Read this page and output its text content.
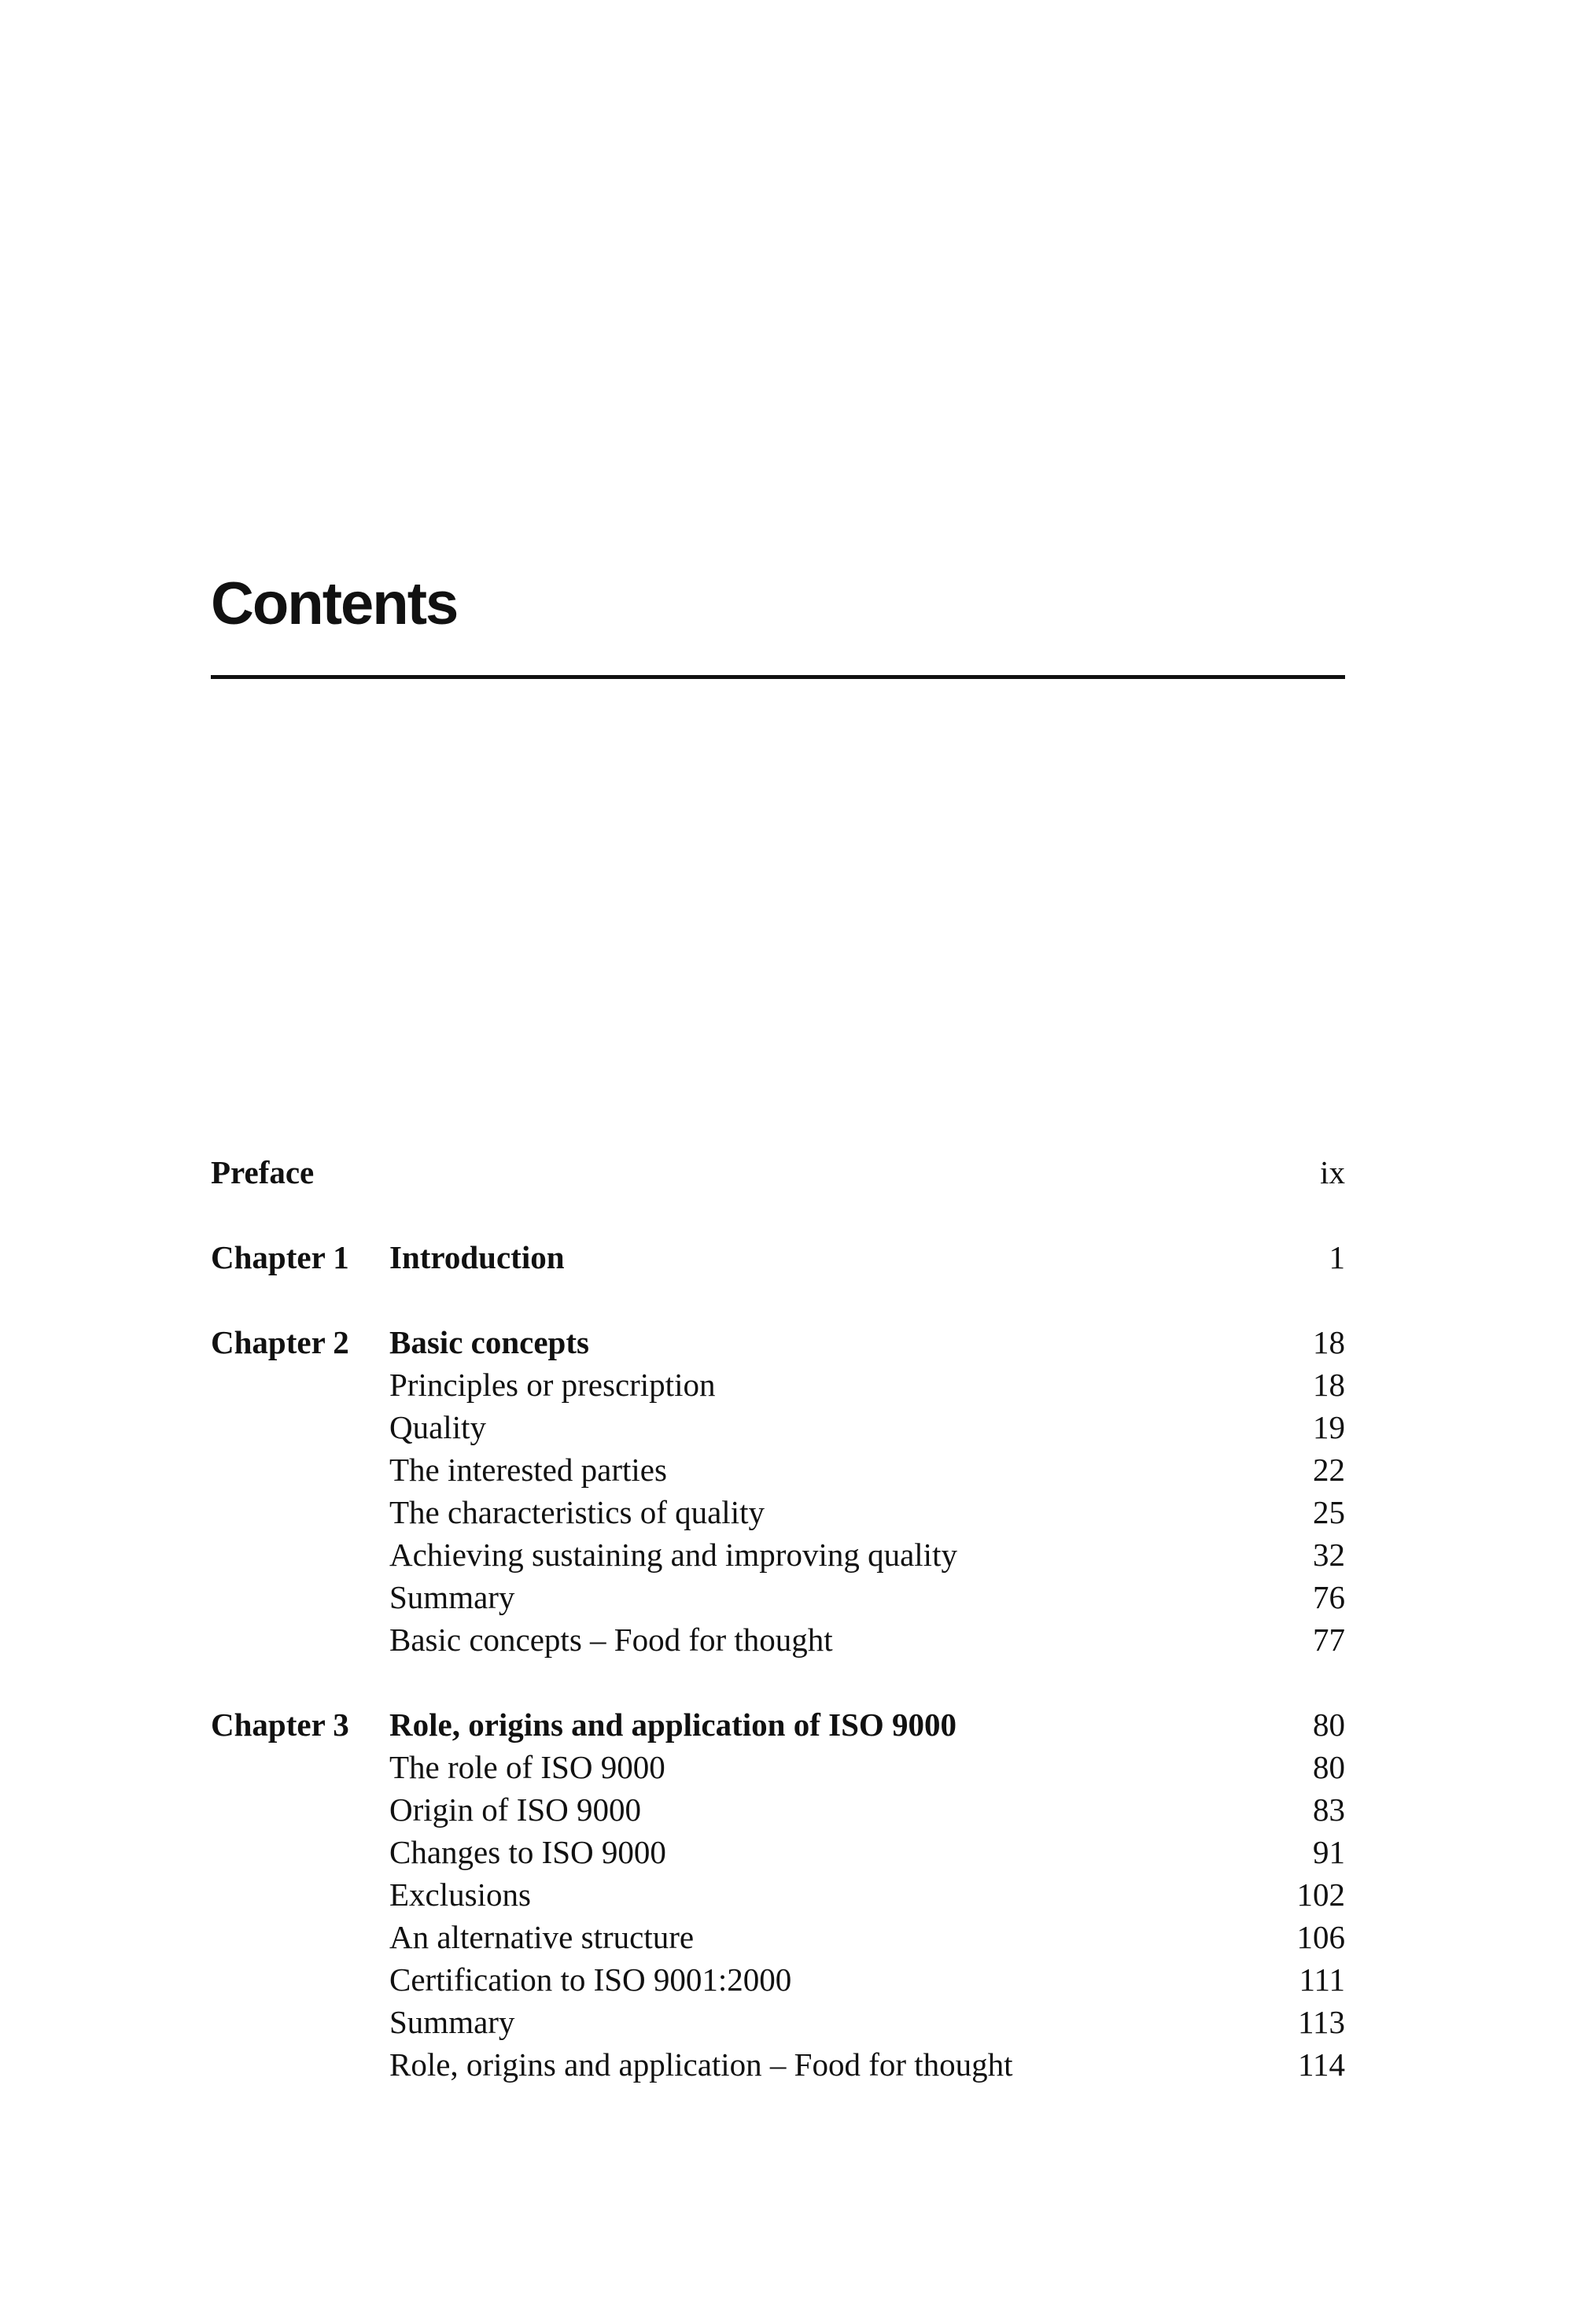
Contents
Preface	ix
Chapter 1 Introduction	1
Chapter 2 Basic concepts	18
Principles or prescription	18
Quality	19
The interested parties	22
The characteristics of quality	25
Achieving sustaining and improving quality	32
Summary	76
Basic concepts – Food for thought	77
Chapter 3 Role, origins and application of ISO 9000	80
The role of ISO 9000	80
Origin of ISO 9000	83
Changes to ISO 9000	91
Exclusions	102
An alternative structure	106
Certification to ISO 9001:2000	111
Summary	113
Role, origins and application – Food for thought	114
